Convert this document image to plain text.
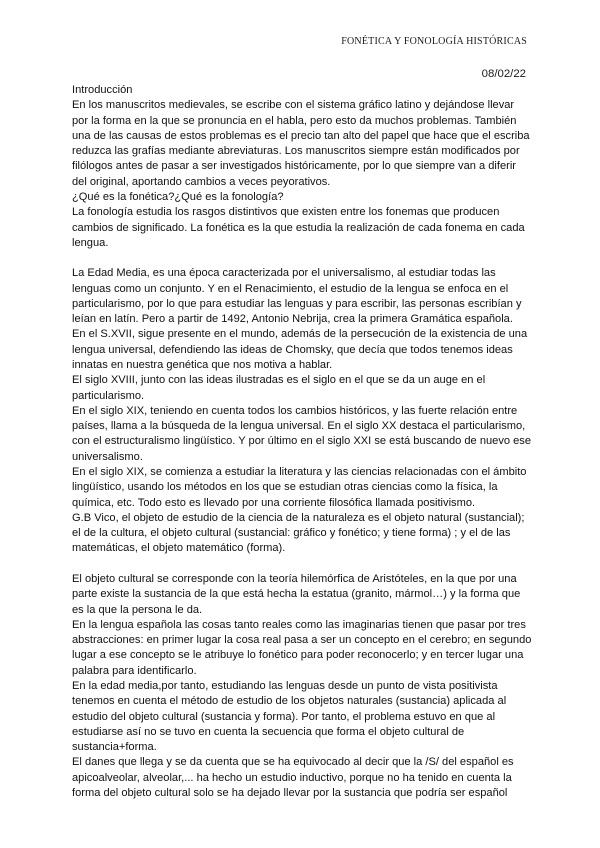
FONÉTICA Y FONOLOGÍA HISTÓRICAS
08/02/22

Introducción

En los manuscritos medievales, se escribe con el sistema gráfico latino y dejándose llevar por la forma en la que se pronuncia en el habla, pero esto da muchos problemas. También una de las causas de estos problemas es el precio tan alto del papel que hace que el escriba reduzca las grafías mediante abreviaturas. Los manuscritos siempre están modificados por filólogos antes de pasar a ser investigados históricamente, por lo que siempre van a diferir del original, aportando cambios a veces peyorativos.

¿Qué es la fonética?¿Qué es la fonología?

La fonología estudia los rasgos distintivos que existen entre los fonemas que producen cambios de significado. La fonética es la que estudia la realización de cada fonema en cada lengua.

La Edad Media, es una época caracterizada por el universalismo, al estudiar todas las lenguas como un conjunto. Y en el Renacimiento, el estudio de la lengua se enfoca en el particularismo, por lo que para estudiar las lenguas y para escribir, las personas escribían y leían en latín. Pero a partir de 1492, Antonio Nebrija, crea la primera Gramática española.

En el S.XVII, sigue presente en el mundo, además de la persecución de la existencia de una lengua universal, defendiendo las ideas de Chomsky, que decía que todos tenemos ideas innatas en nuestra genética que nos motiva a hablar.

El siglo XVIII, junto con las ideas ilustradas es el siglo en el que se da un auge en el particularismo.

En el siglo XIX, teniendo en cuenta todos los cambios históricos, y las fuerte relación entre países, llama a la búsqueda de la lengua universal. En el siglo XX destaca el particularismo, con el estructuralismo lingüístico. Y por último en el siglo XXI se está buscando de nuevo ese universalismo.

En el siglo XIX, se comienza a estudiar la literatura y las ciencias relacionadas con el ámbito lingüístico, usando los métodos en los que se estudian otras ciencias como la física, la química, etc. Todo esto es llevado por una corriente filosófica llamada positivismo.

G.B Vico, el objeto de estudio de la ciencia de la naturaleza es el objeto natural (sustancial); el de la cultura, el objeto cultural (sustancial: gráfico y fonético; y tiene forma) ; y el de las matemáticas, el objeto matemático (forma).

El objeto cultural se corresponde con la teoría hilemórfica de Aristóteles, en la que por una parte existe la sustancia de la que está hecha la estatua (granito, mármol…) y la forma que es la que la persona le da.

En la lengua española las cosas tanto reales como las imaginarias tienen que pasar por tres abstracciones: en primer lugar la cosa real pasa a ser un concepto en el cerebro; en segundo lugar a ese concepto se le atribuye lo fonético para poder reconocerlo; y en tercer lugar una palabra para identificarlo.

En la edad media,por tanto, estudiando las lenguas desde un punto de vista positivista tenemos en cuenta el método de estudio de los objetos naturales (sustancia) aplicada al estudio del objeto cultural (sustancia y forma). Por tanto, el problema estuvo en que al estudiarse así no se tuvo en cuenta la secuencia que forma el objeto cultural de sustancia+forma.

El danes que llega y se da cuenta que se ha equivocado al decir que la /S/ del español es apicoalveolar, alveolar,... ha hecho un estudio inductivo, porque no ha tenido en cuenta la forma del objeto cultural solo se ha dejado llevar por la sustancia que podría ser español
